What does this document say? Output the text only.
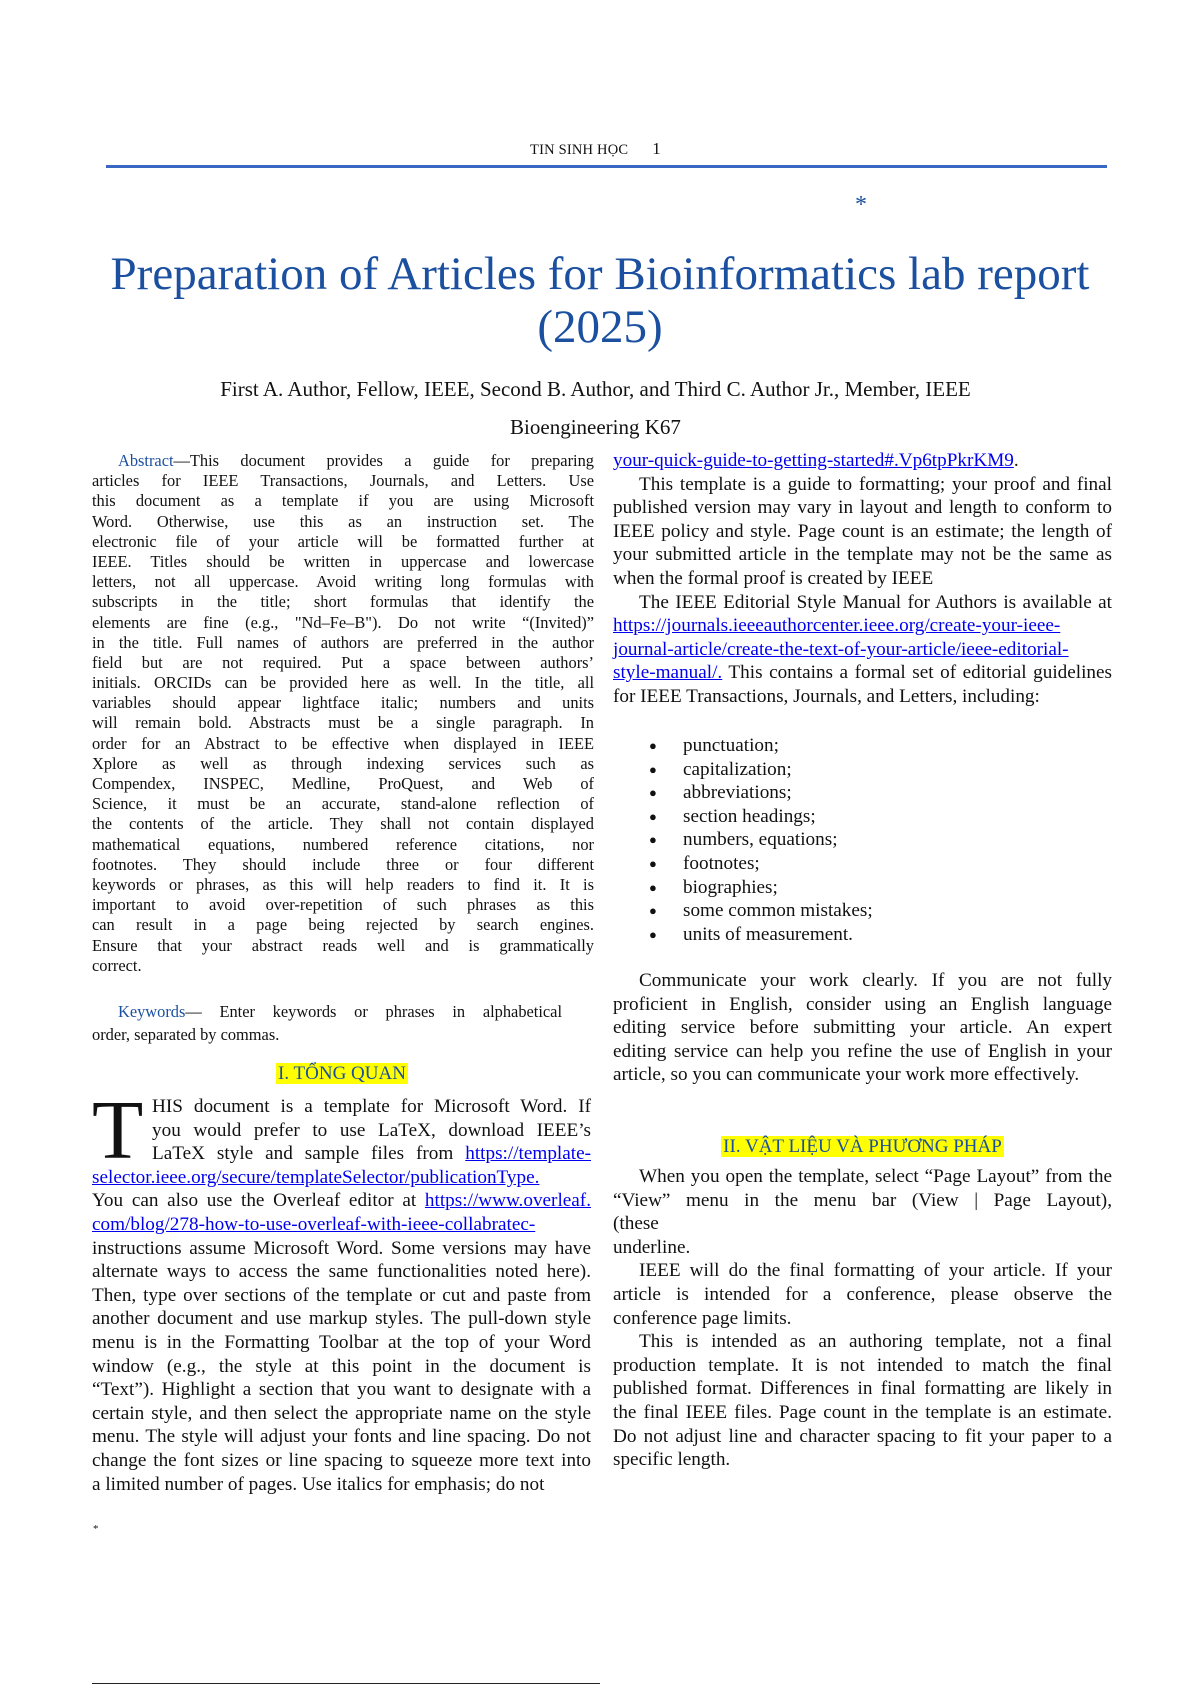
TIN SINH HỌC 1
*
Preparation of Articles for Bioinformatics lab report (2025)
First A. Author, Fellow, IEEE, Second B. Author, and Third C. Author Jr., Member, IEEE
Bioengineering K67
Abstract—This document provides a guide for preparing
articles for IEEE Transactions, Journals, and Letters. Use
this document as a template if you are using Microsoft
Word. Otherwise, use this as an instruction set. The
electronic file of your article will be formatted further at
IEEE. Titles should be written in uppercase and lowercase
letters, not all uppercase. Avoid writing long formulas with
subscripts in the title; short formulas that identify the
elements are fine (e.g., "Nd–Fe–B"). Do not write “(Invited)”
in the title. Full names of authors are preferred in the author
field but are not required. Put a space between authors’
initials. ORCIDs can be provided here as well. In the title, all
variables should appear lightface italic; numbers and units
will remain bold. Abstracts must be a single paragraph. In
order for an Abstract to be effective when displayed in IEEE
Xplore as well as through indexing services such as
Compendex, INSPEC, Medline, ProQuest, and Web of
Science, it must be an accurate, stand-alone reflection of
the contents of the article. They shall not contain displayed
mathematical equations, numbered reference citations, nor
footnotes. They should include three or four different
keywords or phrases, as this will help readers to find it. It is
important to avoid over-repetition of such phrases as this
can result in a page being rejected by search engines.
Ensure that your abstract reads well and is grammatically
correct.
Keywords— Enter keywords or phrases in alphabetical
order, separated by commas.
I. TỔNG QUAN
T HIS document is a template for Microsoft Word. If
you would prefer to use LaTeX, download IEEE’s
LaTeX style and sample files from https://template-
selector.ieee.org/secure/templateSelector/publicationType.
You can also use the Overleaf editor at https://www.overleaf.
com/blog/278-how-to-use-overleaf-with-ieee-collabratec-
instructions assume Microsoft Word. Some versions may have
alternate ways to access the same functionalities noted here).
Then, type over sections of the template or cut and paste from
another document and use markup styles. The pull-down style
menu is in the Formatting Toolbar at the top of your Word
window (e.g., the style at this point in the document is
“Text”). Highlight a section that you want to designate with a
certain style, and then select the appropriate name on the style
menu. The style will adjust your fonts and line spacing. Do not
change the font sizes or line spacing to squeeze more text into
a limited number of pages. Use italics for emphasis; do not
your-quick-guide-to-getting-started#.Vp6tpPkrKM9.
This template is a guide to formatting; your proof and final
published version may vary in layout and length to conform to
IEEE policy and style. Page count is an estimate; the length of
your submitted article in the template may not be the same as
when the formal proof is created by IEEE
The IEEE Editorial Style Manual for Authors is available at
https://journals.ieeeauthorcenter.ieee.org/create-your-ieee-
journal-article/create-the-text-of-your-article/ieee-editorial-
style-manual/. This contains a formal set of editorial guidelines
for IEEE Transactions, Journals, and Letters, including:
● punctuation;
● capitalization;
● abbreviations;
● section headings;
● numbers, equations;
● footnotes;
● biographies;
● some common mistakes;
● units of measurement.
Communicate your work clearly. If you are not fully
proficient in English, consider using an English language
editing service before submitting your article. An expert
editing service can help you refine the use of English in your
article, so you can communicate your work more effectively.
II. VẬT LIỆU VÀ PHƯƠNG PHÁP
When you open the template, select “Page Layout” from the
“View” menu in the menu bar (View | Page Layout),
(these
underline.
IEEE will do the final formatting of your article. If your
article is intended for a conference, please observe the
conference page limits.
This is intended as an authoring template, not a final
production template. It is not intended to match the final
published format. Differences in final formatting are likely in
the final IEEE files. Page count in the template is an estimate.
Do not adjust line and character spacing to fit your paper to a
specific length.
*
